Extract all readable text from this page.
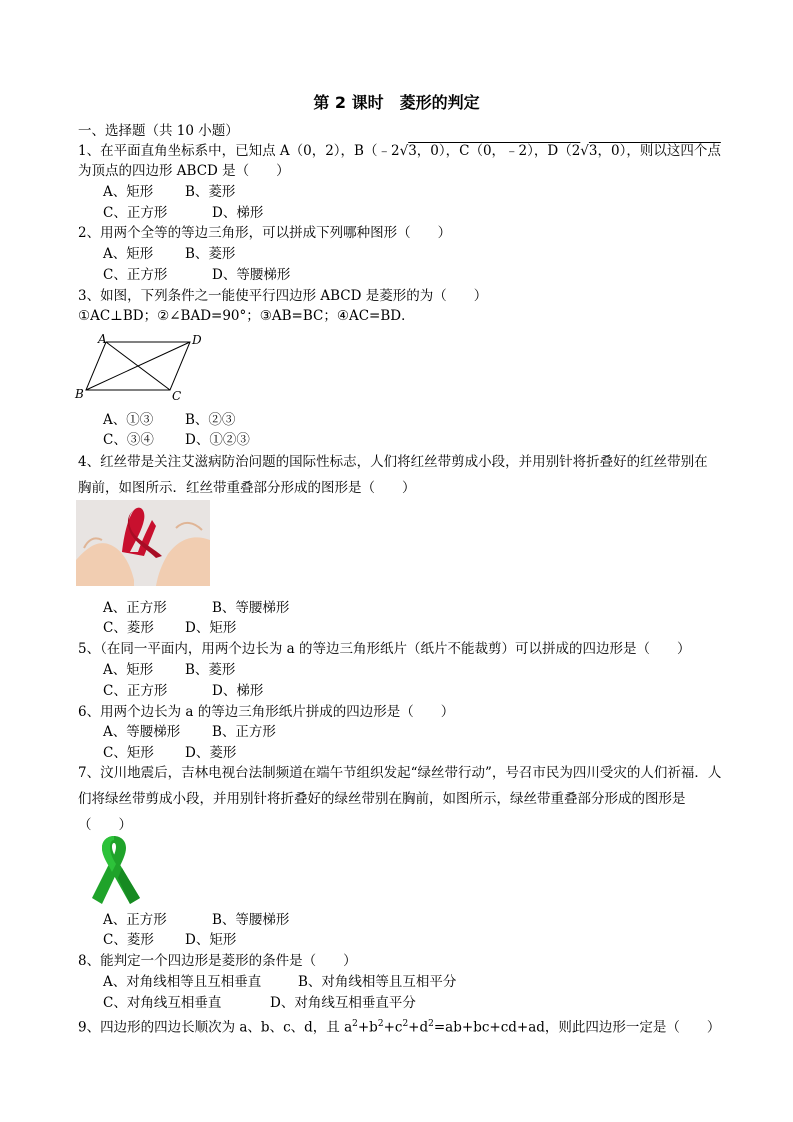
第 2 课时 菱形的判定
一、选择题（共 10 小题）
1、在平面直角坐标系中，已知点 A（0，2），B（﹣2√3，0），C（0，﹣2），D（2√3，0），则以这四个点
为顶点的四边形 ABCD 是（　　）
A、矩形 B、菱形
C、正方形	D、梯形
2、用两个全等的等边三角形，可以拼成下列哪种图形（　　）
A、矩形 B、菱形
C、正方形	D、等腰梯形
3、如图，下列条件之一能使平行四边形 ABCD 是菱形的为（　　）
①AC⊥BD；②∠BAD=90°；③AB=BC；④AC=BD．
A	D
B	C
A、①③ B、②③
C、③④ D、①②③
4、红丝带是关注艾滋病防治问题的国际性标志，人们将红丝带剪成小段，并用别针将折叠好的红丝带别在胸前，如图所示．红丝带重叠部分形成的图形是（　　）
A、正方形	B、等腰梯形
C、菱形 D、矩形
5、（在同一平面内，用两个边长为 a 的等边三角形纸片（纸片不能裁剪）可以拼成的四边形是（　　）
A、矩形 B、菱形
C、正方形	D、梯形
6、用两个边长为 a 的等边三角形纸片拼成的四边形是（　　）
A、等腰梯形 B、正方形
C、矩形 D、菱形
7、汶川地震后，吉林电视台法制频道在端午节组织发起“绿丝带行动”，号召市民为四川受灾的人们祈福．人们将绿丝带剪成小段，并用别针将折叠好的绿丝带别在胸前，如图所示，绿丝带重叠部分形成的图形是（　　）
A、正方形	B、等腰梯形
C、菱形 D、矩形
8、能判定一个四边形是菱形的条件是（　　）
A、对角线相等且互相垂直	B、对角线相等且互相平分
C、对角线互相垂直	D、对角线互相垂直平分
9、四边形的四边长顺次为 a、b、c、d，且 $a^2+b^2+c^2+d^2=ab+bc+cd+ad$，则此四边形一定是（　　）
